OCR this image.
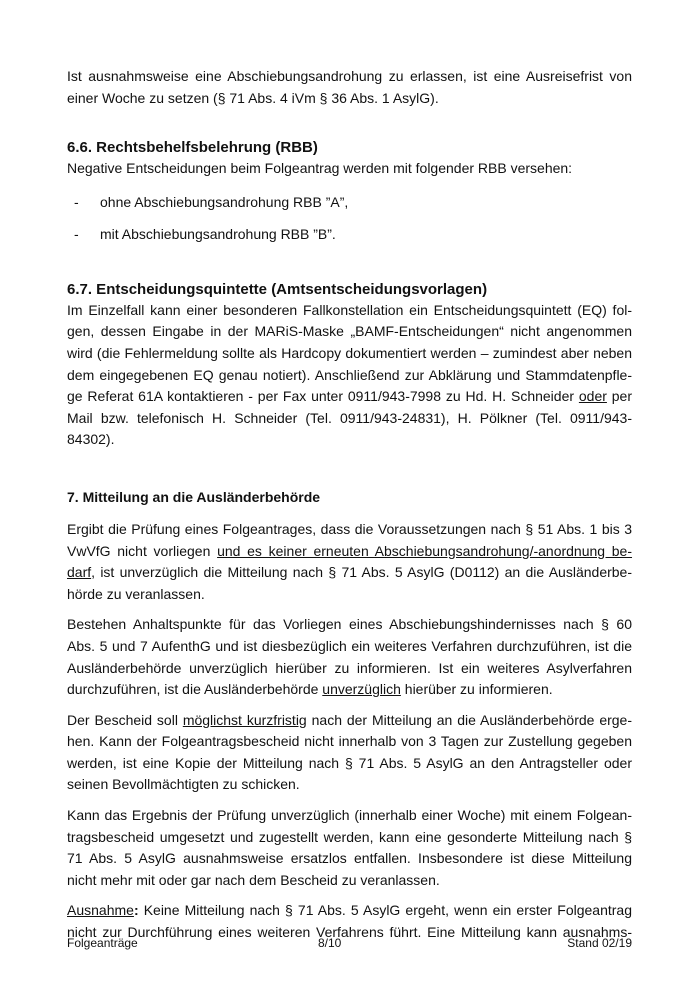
Ist ausnahmsweise eine Abschiebungsandrohung zu erlassen, ist eine Ausreisefrist von

einer Woche zu setzen (§ 71 Abs. 4 iVm § 36 Abs. 1 AsylG).

6.6. Rechtsbehelfsbelehrung (RBB)

Negative Entscheidungen beim Folgeantrag werden mit folgender RBB versehen:

- ohne Abschiebungsandrohung RBB ”A”,
- mit Abschiebungsandrohung RBB ”B”.
6.7. Entscheidungsquintette (Amtsentscheidungsvorlagen)

Im Einzelfall kann einer besonderen Fallkonstellation ein Entscheidungsquintett (EQ) fol-

gen, dessen Eingabe in der MARiS-Maske „BAMF-Entscheidungen“ nicht angenommen

wird (die Fehlermeldung sollte als Hardcopy dokumentiert werden – zumindest aber neben

dem eingegebenen EQ genau notiert). Anschließend zur Abklärung und Stammdatenpfle-

ge Referat 61A kontaktieren - per Fax unter 0911/943-7998 zu Hd. H. Schneider oder per

Mail bzw. telefonisch H. Schneider (Tel. 0911/943-24831), H. Pölkner (Tel. 0911/943-

84302).

7. Mitteilung an die Ausländerbehörde

Ergibt die Prüfung eines Folgeantrages, dass die Voraussetzungen nach § 51 Abs. 1 bis 3

VwVfG nicht vorliegen und es keiner erneuten Abschiebungsandrohung/-anordnung be-

darf, ist unverzüglich die Mitteilung nach § 71 Abs. 5 AsylG (D0112) an die Ausländerbe-

hörde zu veranlassen.

Bestehen Anhaltspunkte für das Vorliegen eines Abschiebungshindernisses nach § 60

Abs. 5 und 7 AufenthG und ist diesbezüglich ein weiteres Verfahren durchzuführen, ist die

Ausländerbehörde unverzüglich hierüber zu informieren. Ist ein weiteres Asylverfahren

durchzuführen, ist die Ausländerbehörde unverzüglich hierüber zu informieren.

Der Bescheid soll möglichst kurzfristig nach der Mitteilung an die Ausländerbehörde erge-

hen. Kann der Folgeantragsbescheid nicht innerhalb von 3 Tagen zur Zustellung gegeben

werden, ist eine Kopie der Mitteilung nach § 71 Abs. 5 AsylG an den Antragsteller oder

seinen Bevollmächtigten zu schicken.

Kann das Ergebnis der Prüfung unverzüglich (innerhalb einer Woche) mit einem Folgean-

tragsbescheid umgesetzt und zugestellt werden, kann eine gesonderte Mitteilung nach §

71 Abs. 5 AsylG ausnahmsweise ersatzlos entfallen. Insbesondere ist diese Mitteilung

nicht mehr mit oder gar nach dem Bescheid zu veranlassen.

Ausnahme: Keine Mitteilung nach § 71 Abs. 5 AsylG ergeht, wenn ein erster Folgeantrag

nicht zur Durchführung eines weiteren Verfahrens führt. Eine Mitteilung kann ausnahms-

Folgeanträge	8/10	Stand 02/19
